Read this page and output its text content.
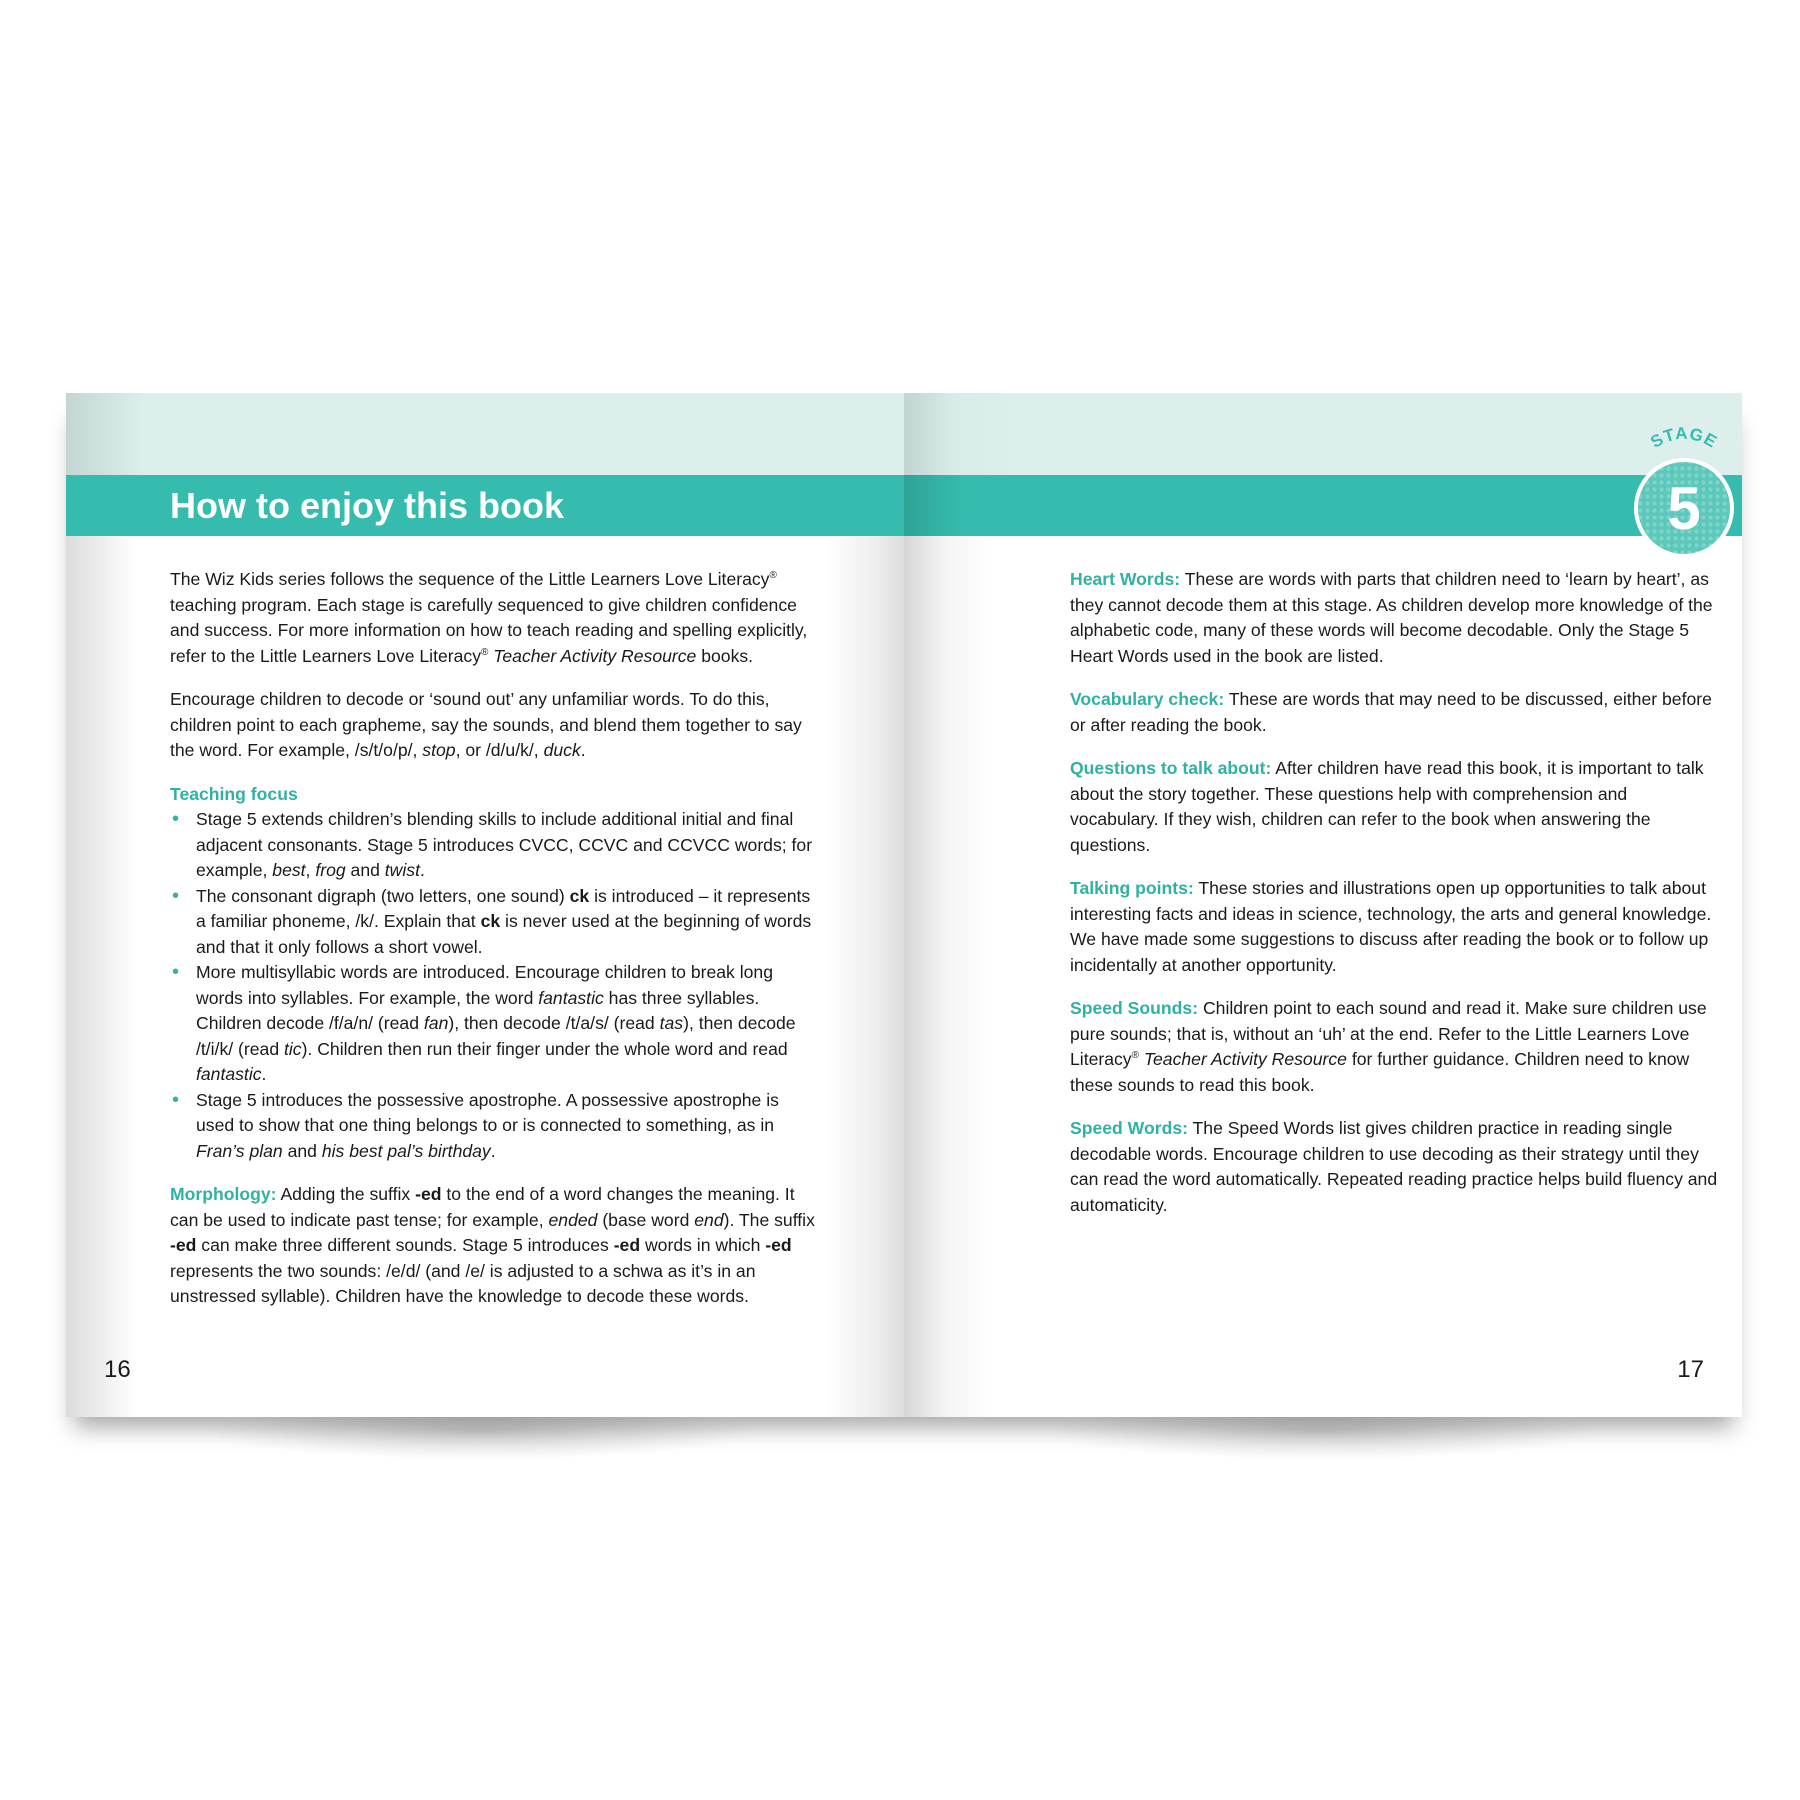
How to enjoy this book

The Wiz Kids series follows the sequence of the Little Learners Love Literacy® teaching program. Each stage is carefully sequenced to give children confidence and success. For more information on how to teach reading and spelling explicitly, refer to the Little Learners Love Literacy® Teacher Activity Resource books.

Encourage children to decode or ‘sound out’ any unfamiliar words. To do this, children point to each grapheme, say the sounds, and blend them together to say the word. For example, /s/t/o/p/, stop, or /d/u/k/, duck.

Teaching focus
• Stage 5 extends children’s blending skills to include additional initial and final adjacent consonants. Stage 5 introduces CVCC, CCVC and CCVCC words; for example, best, frog and twist.
• The consonant digraph (two letters, one sound) ck is introduced – it represents a familiar phoneme, /k/. Explain that ck is never used at the beginning of words and that it only follows a short vowel.
• More multisyllabic words are introduced. Encourage children to break long words into syllables. For example, the word fantastic has three syllables. Children decode /f/a/n/ (read fan), then decode /t/a/s/ (read tas), then decode /t/i/k/ (read tic). Children then run their finger under the whole word and read fantastic.
• Stage 5 introduces the possessive apostrophe. A possessive apostrophe is used to show that one thing belongs to or is connected to something, as in Fran’s plan and his best pal’s birthday.

Morphology: Adding the suffix -ed to the end of a word changes the meaning. It can be used to indicate past tense; for example, ended (base word end). The suffix -ed can make three different sounds. Stage 5 introduces -ed words in which -ed represents the two sounds: /e/d/ (and /e/ is adjusted to a schwa as it’s in an unstressed syllable). Children have the knowledge to decode these words.

16
STAGE
5

Heart Words: These are words with parts that children need to ‘learn by heart’, as they cannot decode them at this stage. As children develop more knowledge of the alphabetic code, many of these words will become decodable. Only the Stage 5 Heart Words used in the book are listed.

Vocabulary check: These are words that may need to be discussed, either before or after reading the book.

Questions to talk about: After children have read this book, it is important to talk about the story together. These questions help with comprehension and vocabulary. If they wish, children can refer to the book when answering the questions.

Talking points: These stories and illustrations open up opportunities to talk about interesting facts and ideas in science, technology, the arts and general knowledge. We have made some suggestions to discuss after reading the book or to follow up incidentally at another opportunity.

Speed Sounds: Children point to each sound and read it. Make sure children use pure sounds; that is, without an ‘uh’ at the end. Refer to the Little Learners Love Literacy® Teacher Activity Resource for further guidance. Children need to know these sounds to read this book.

Speed Words: The Speed Words list gives children practice in reading single decodable words. Encourage children to use decoding as their strategy until they can read the word automatically. Repeated reading practice helps build fluency and automaticity.

17
